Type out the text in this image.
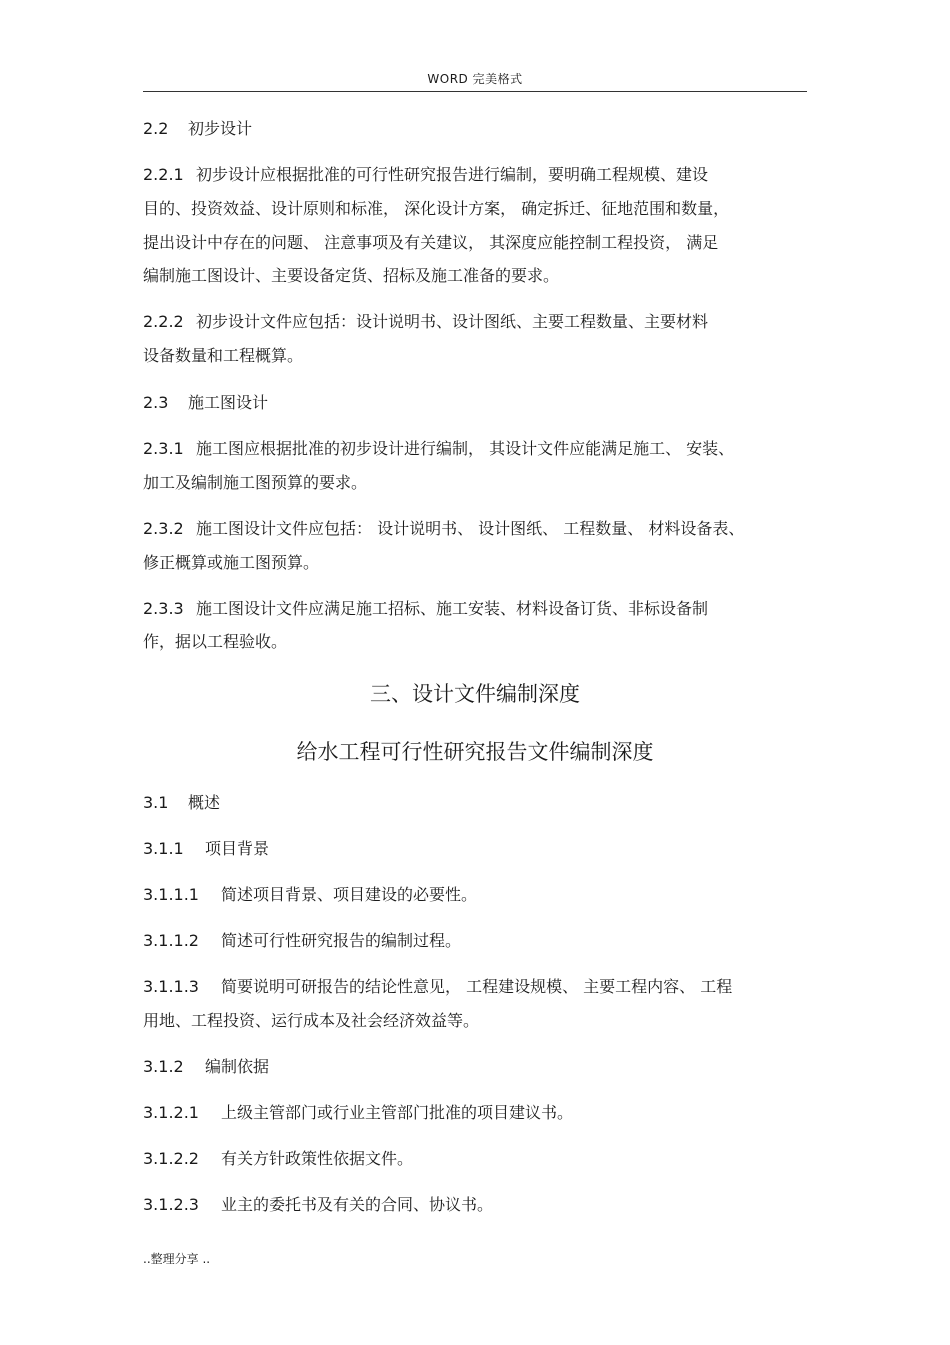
WORD 完美格式
2.2 初步设计
2.2.1 初步设计应根据批准的可行性研究报告进行编制，要明确工程规模、建设
目的、投资效益、设计原则和标准， 深化设计方案， 确定拆迁、征地范围和数量，
提出设计中存在的问题、 注意事项及有关建议， 其深度应能控制工程投资， 满足
编制施工图设计、主要设备定货、招标及施工准备的要求。
2.2.2 初步设计文件应包括：设计说明书、设计图纸、主要工程数量、主要材料
设备数量和工程概算。
2.3 施工图设计
2.3.1 施工图应根据批准的初步设计进行编制， 其设计文件应能满足施工、 安装、
加工及编制施工图预算的要求。
2.3.2 施工图设计文件应包括： 设计说明书、 设计图纸、 工程数量、 材料设备表、
修正概算或施工图预算。
2.3.3 施工图设计文件应满足施工招标、施工安装、材料设备订货、非标设备制
作，据以工程验收。
三、设计文件编制深度
给水工程可行性研究报告文件编制深度
3.1 概述
3.1.1 项目背景
3.1.1.1 简述项目背景、项目建设的必要性。
3.1.1.2 简述可行性研究报告的编制过程。
3.1.1.3 简要说明可研报告的结论性意见， 工程建设规模、 主要工程内容、 工程
用地、工程投资、运行成本及社会经济效益等。
3.1.2 编制依据
3.1.2.1 上级主管部门或行业主管部门批准的项目建议书。
3.1.2.2 有关方针政策性依据文件。
3.1.2.3 业主的委托书及有关的合同、协议书。
..整理分享 ..
